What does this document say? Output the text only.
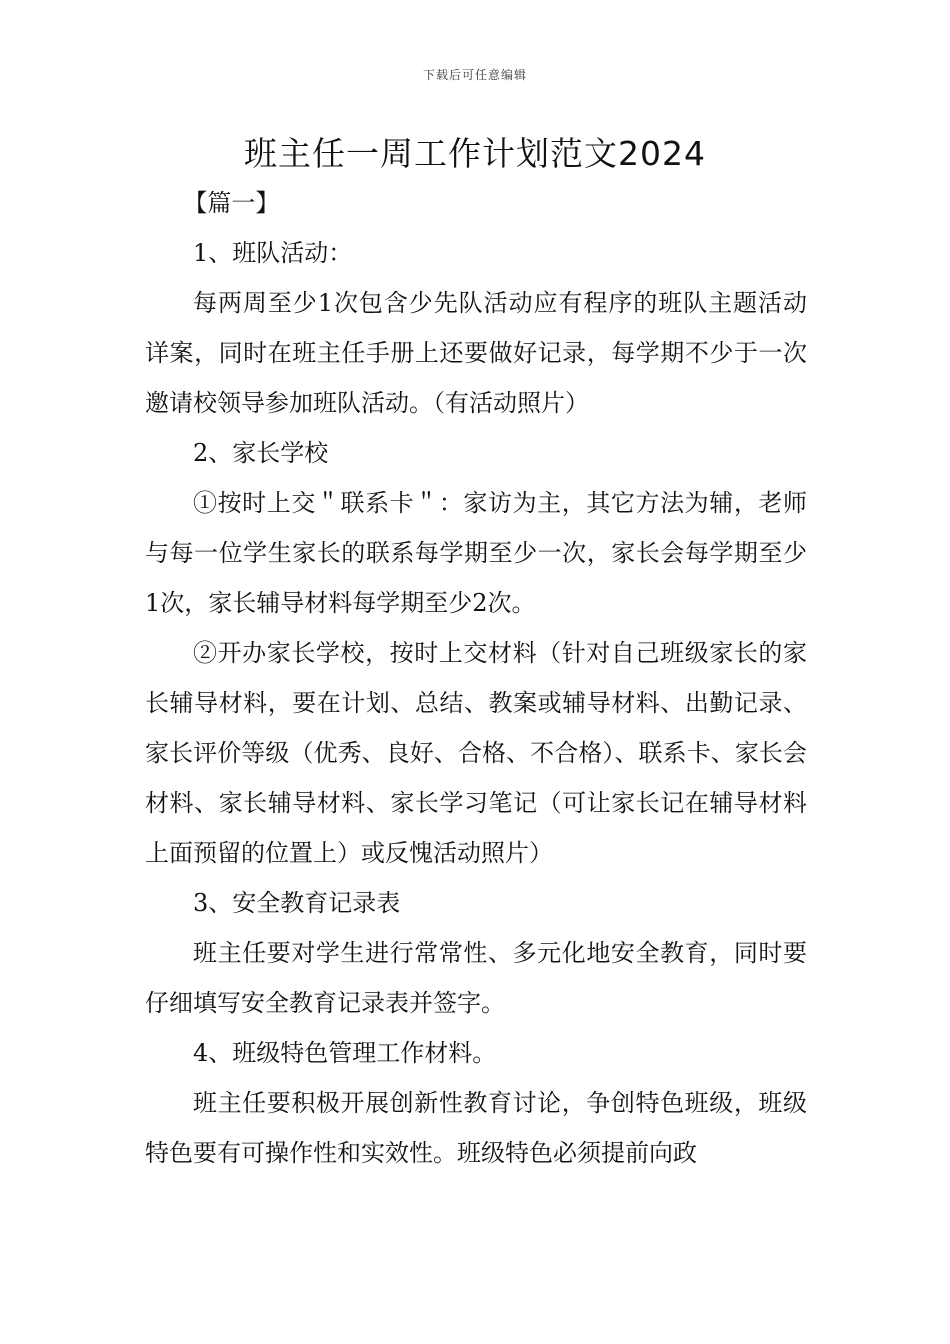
下载后可任意编辑
班主任一周工作计划范文2024

【篇一】

1、班队活动：

每两周至少1次包含少先队活动应有程序的班队主题活动详案，同时在班主任手册上还要做好记录，每学期不少于一次邀请校领导参加班队活动。（有活动照片）

2、家长学校

①按时上交＂联系卡＂：家访为主，其它方法为辅，老师与每一位学生家长的联系每学期至少一次，家长会每学期至少1次，家长辅导材料每学期至少2次。

②开办家长学校，按时上交材料（针对自己班级家长的家长辅导材料，要在计划、总结、教案或辅导材料、出勤记录、家长评价等级（优秀、良好、合格、不合格）、联系卡、家长会材料、家长辅导材料、家长学习笔记（可让家长记在辅导材料上面预留的位置上）或反愧活动照片）

3、安全教育记录表

班主任要对学生进行常常性、多元化地安全教育，同时要仔细填写安全教育记录表并签字。

4、班级特色管理工作材料。

班主任要积极开展创新性教育讨论，争创特色班级，班级特色要有可操作性和实效性。班级特色必须提前向政
